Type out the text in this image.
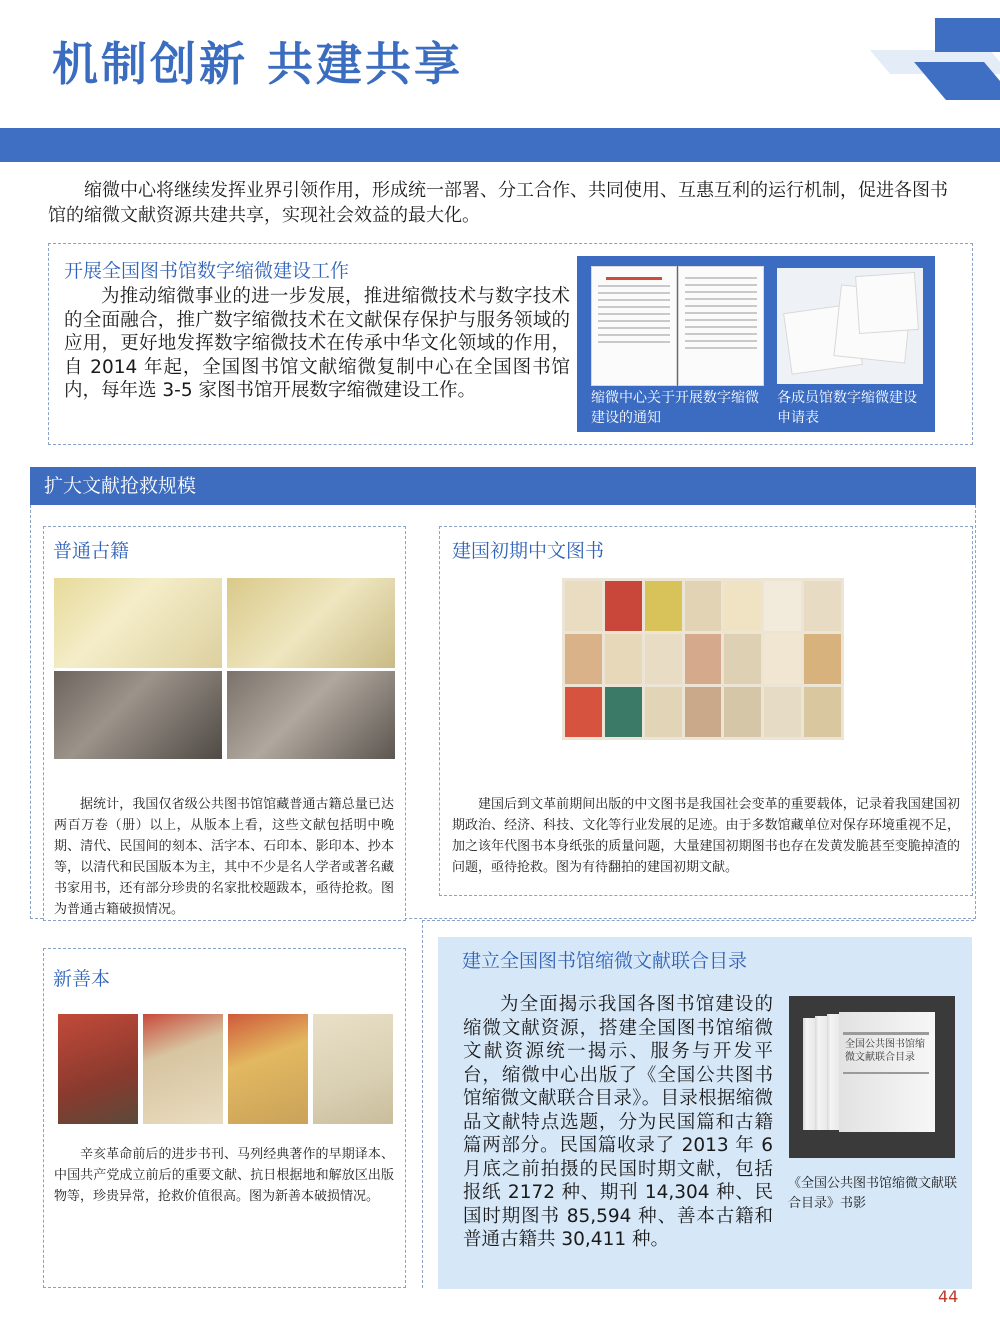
机制创新 共建共享
缩微中心将继续发挥业界引领作用，形成统一部署、分工合作、共同使用、互惠互利的运行机制，促进各图书馆的缩微文献资源共建共享，实现社会效益的最大化。
开展全国图书馆数字缩微建设工作
为推动缩微事业的进一步发展，推进缩微技术与数字技术的全面融合，推广数字缩微技术在文献保存保护与服务领域的应用，更好地发挥数字缩微技术在传承中华文化领域的作用，自 2014 年起，全国图书馆文献缩微复制中心在全国图书馆内，每年选 3-5 家图书馆开展数字缩微建设工作。	缩微中心关于开展数字缩微建设的通知
各成员馆数字缩微建设申请表
扩大文献抢救规模
普通古籍
据统计，我国仅省级公共图书馆馆藏普通古籍总量已达两百万卷（册）以上，从版本上看，这些文献包括明中晚期、清代、民国间的刻本、活字本、石印本、影印本、抄本等，以清代和民国版本为主，其中不少是名人学者或著名藏书家用书，还有部分珍贵的名家批校题跋本，亟待抢救。图为普通古籍破损情况。
建国初期中文图书
建国后到文革前期间出版的中文图书是我国社会变革的重要载体，记录着我国建国初 期政治、经济、科技、文化等行业发展的足迹。由于多数馆藏单位对保存环境重视不足，加之该年代图书本身纸张的质量问题，大量建国初期图书也存在发黄发脆甚至变脆掉渣的问题，亟待抢救。图为有待翻拍的建国初期文献。
新善本
辛亥革命前后的进步书刊、马列经典著作的早期译本、中国共产党成立前后的重要文献、抗日根据地和解放区出版物等，珍贵异常，抢救价值很高。图为新善本破损情况。
建立全国图书馆缩微文献联合目录
为全面揭示我国各图书馆建设的缩微文献资源，搭建全国图书馆缩微文献资源统一揭示、服务与开发平台，缩微中心出版了《全国公共图书馆缩微文献联合目录》。目录根据缩微品文献特点选题，分为民国篇和古籍篇两部分。民国篇收录了 2013 年 6 月底之前拍摄的民国时期文献，包括报纸 2172 种、期刊 14,304 种、民国时期图书 85,594 种、善本古籍和普通古籍共 30,411 种。
全国公共图书馆缩微文献联合目录
《全国公共图书馆缩微文献联合目录》书影
44
